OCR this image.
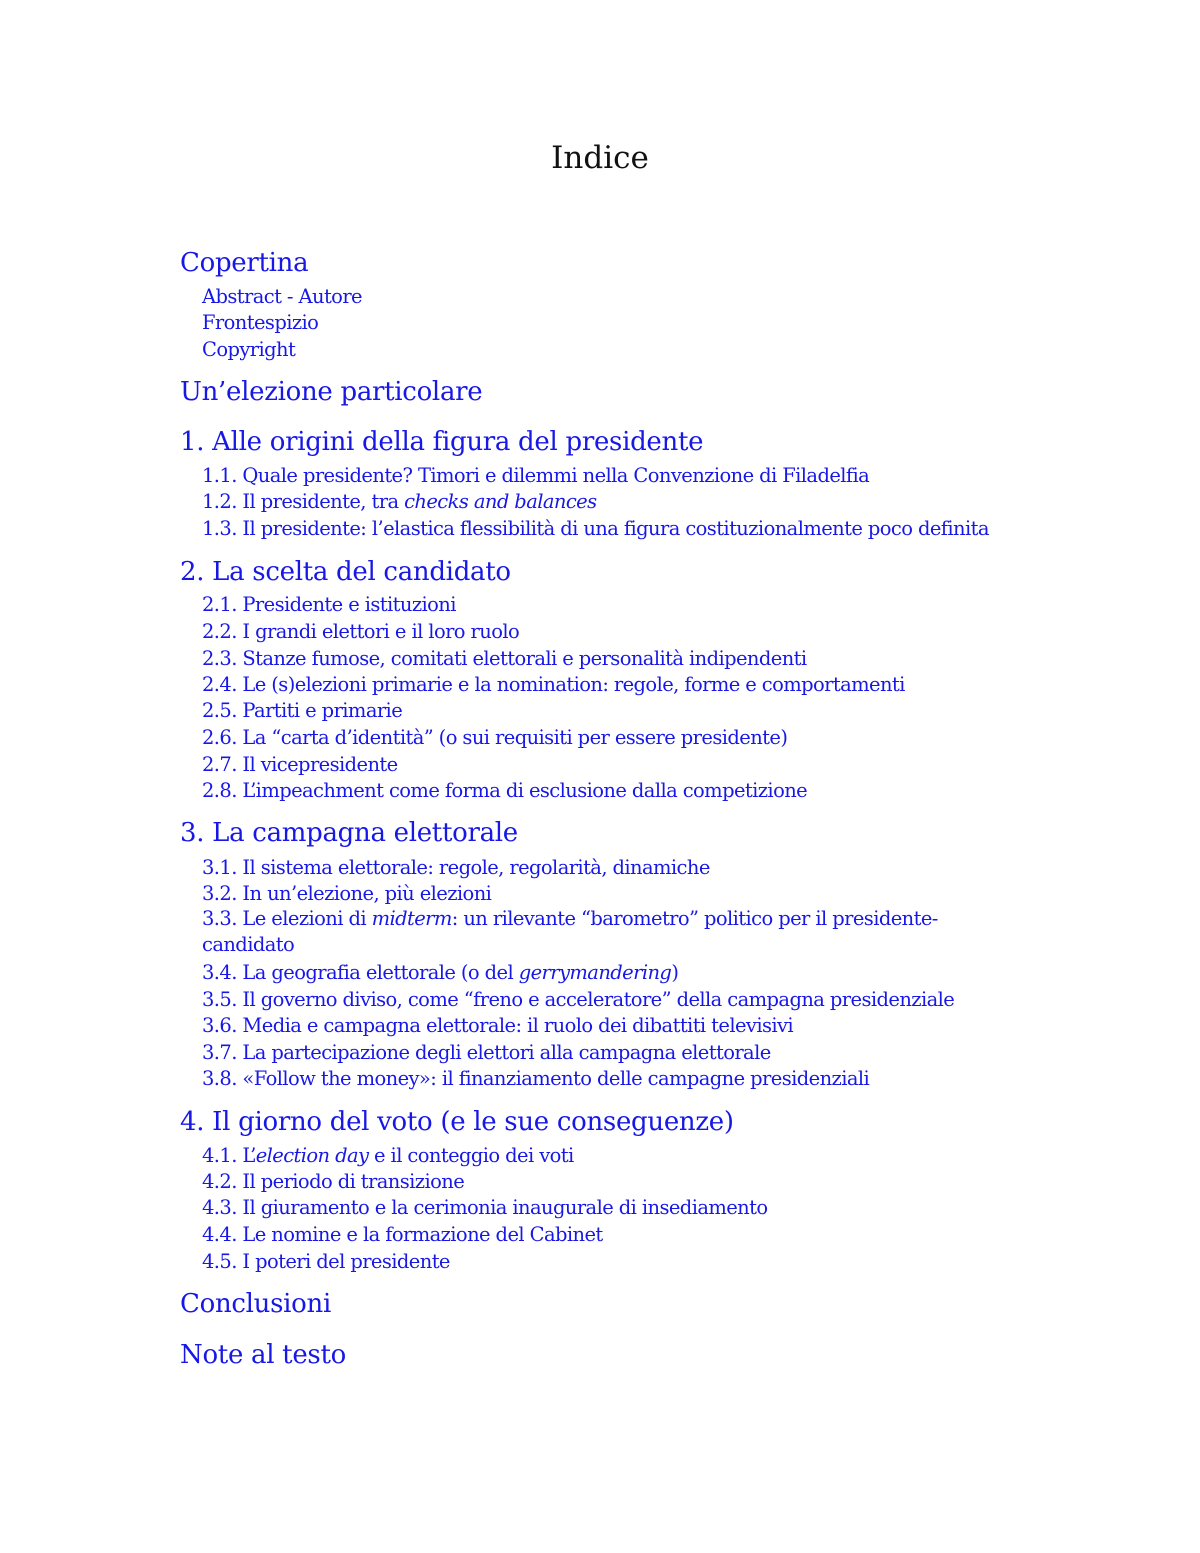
Indice
Copertina
Abstract - Autore
Frontespizio
Copyright
Un’elezione particolare
1. Alle origini della figura del presidente
1.1. Quale presidente? Timori e dilemmi nella Convenzione di Filadelfia
1.2. Il presidente, tra checks and balances
1.3. Il presidente: l’elastica flessibilità di una figura costituzionalmente poco definita
2. La scelta del candidato
2.1. Presidente e istituzioni
2.2. I grandi elettori e il loro ruolo
2.3. Stanze fumose, comitati elettorali e personalità indipendenti
2.4. Le (s)elezioni primarie e la nomination: regole, forme e comportamenti
2.5. Partiti e primarie
2.6. La “carta d’identità” (o sui requisiti per essere presidente)
2.7. Il vicepresidente
2.8. L’impeachment come forma di esclusione dalla competizione
3. La campagna elettorale
3.1. Il sistema elettorale: regole, regolarità, dinamiche
3.2. In un’elezione, più elezioni
3.3. Le elezioni di midterm: un rilevante “barometro” politico per il presidente-candidato
3.4. La geografia elettorale (o del gerrymandering)
3.5. Il governo diviso, come “freno e acceleratore” della campagna presidenziale
3.6. Media e campagna elettorale: il ruolo dei dibattiti televisivi
3.7. La partecipazione degli elettori alla campagna elettorale
3.8. «Follow the money»: il finanziamento delle campagne presidenziali
4. Il giorno del voto (e le sue conseguenze)
4.1. L’election day e il conteggio dei voti
4.2. Il periodo di transizione
4.3. Il giuramento e la cerimonia inaugurale di insediamento
4.4. Le nomine e la formazione del Cabinet
4.5. I poteri del presidente
Conclusioni
Note al testo
